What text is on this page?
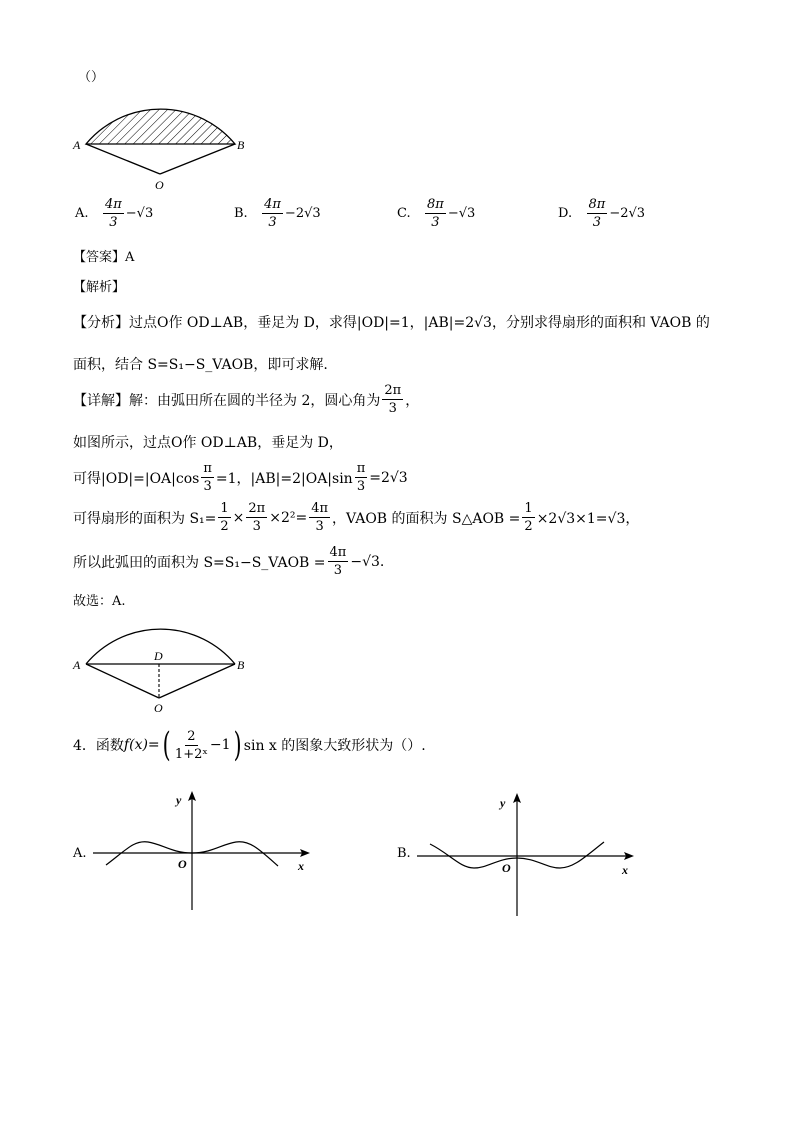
（）
A	B
O
A.
$\frac{4\pi}{3} -√3$	B.
$\frac{4\pi}{3} -2√3$	C.
$\frac{8\pi}{3} -√3$	D.
$\frac{8\pi}{3} -2√3$
【答案】A
【解析】
【分析】 过点O作 OD⊥AB，垂足为 D，求得|OD|=1，|AB|=2√3，分别求得扇形的面积和 VAOB 的
面积，结合 S=S₁−S_VAOB，即可求解.
【详解】 解：由弧田所在圆的半径为 2，圆心角为 $\frac{2\pi}{3}$ ，
如图所示，过点O作 OD⊥AB，垂足为 D，
可得$|OD|=|OA|\cos \frac{\pi}{3} =1$，$|AB|=2|OA|\sin \frac{\pi}{3} =2√3$
可得扇形的面积为 $S_1= \frac{1}{2} \times \frac{2\pi}{3} \times 2^2= \frac{4\pi}{3}$ ，VAOB 的面积为 S△AOB = $\frac{1}{2} \times 2√3\times 1=√3$，
所以此弧田的面积为 S=S₁−S_VAOB = $\frac{4\pi}{3} -√3$.
故选：A.
A	B
D
O
4．函数 f(x)= ( $\frac{2}{\text{1+2ˣ}} -1$ ) sin x 的图象大致形状为（）.
A.
y
x
O
B.
y
x
O
